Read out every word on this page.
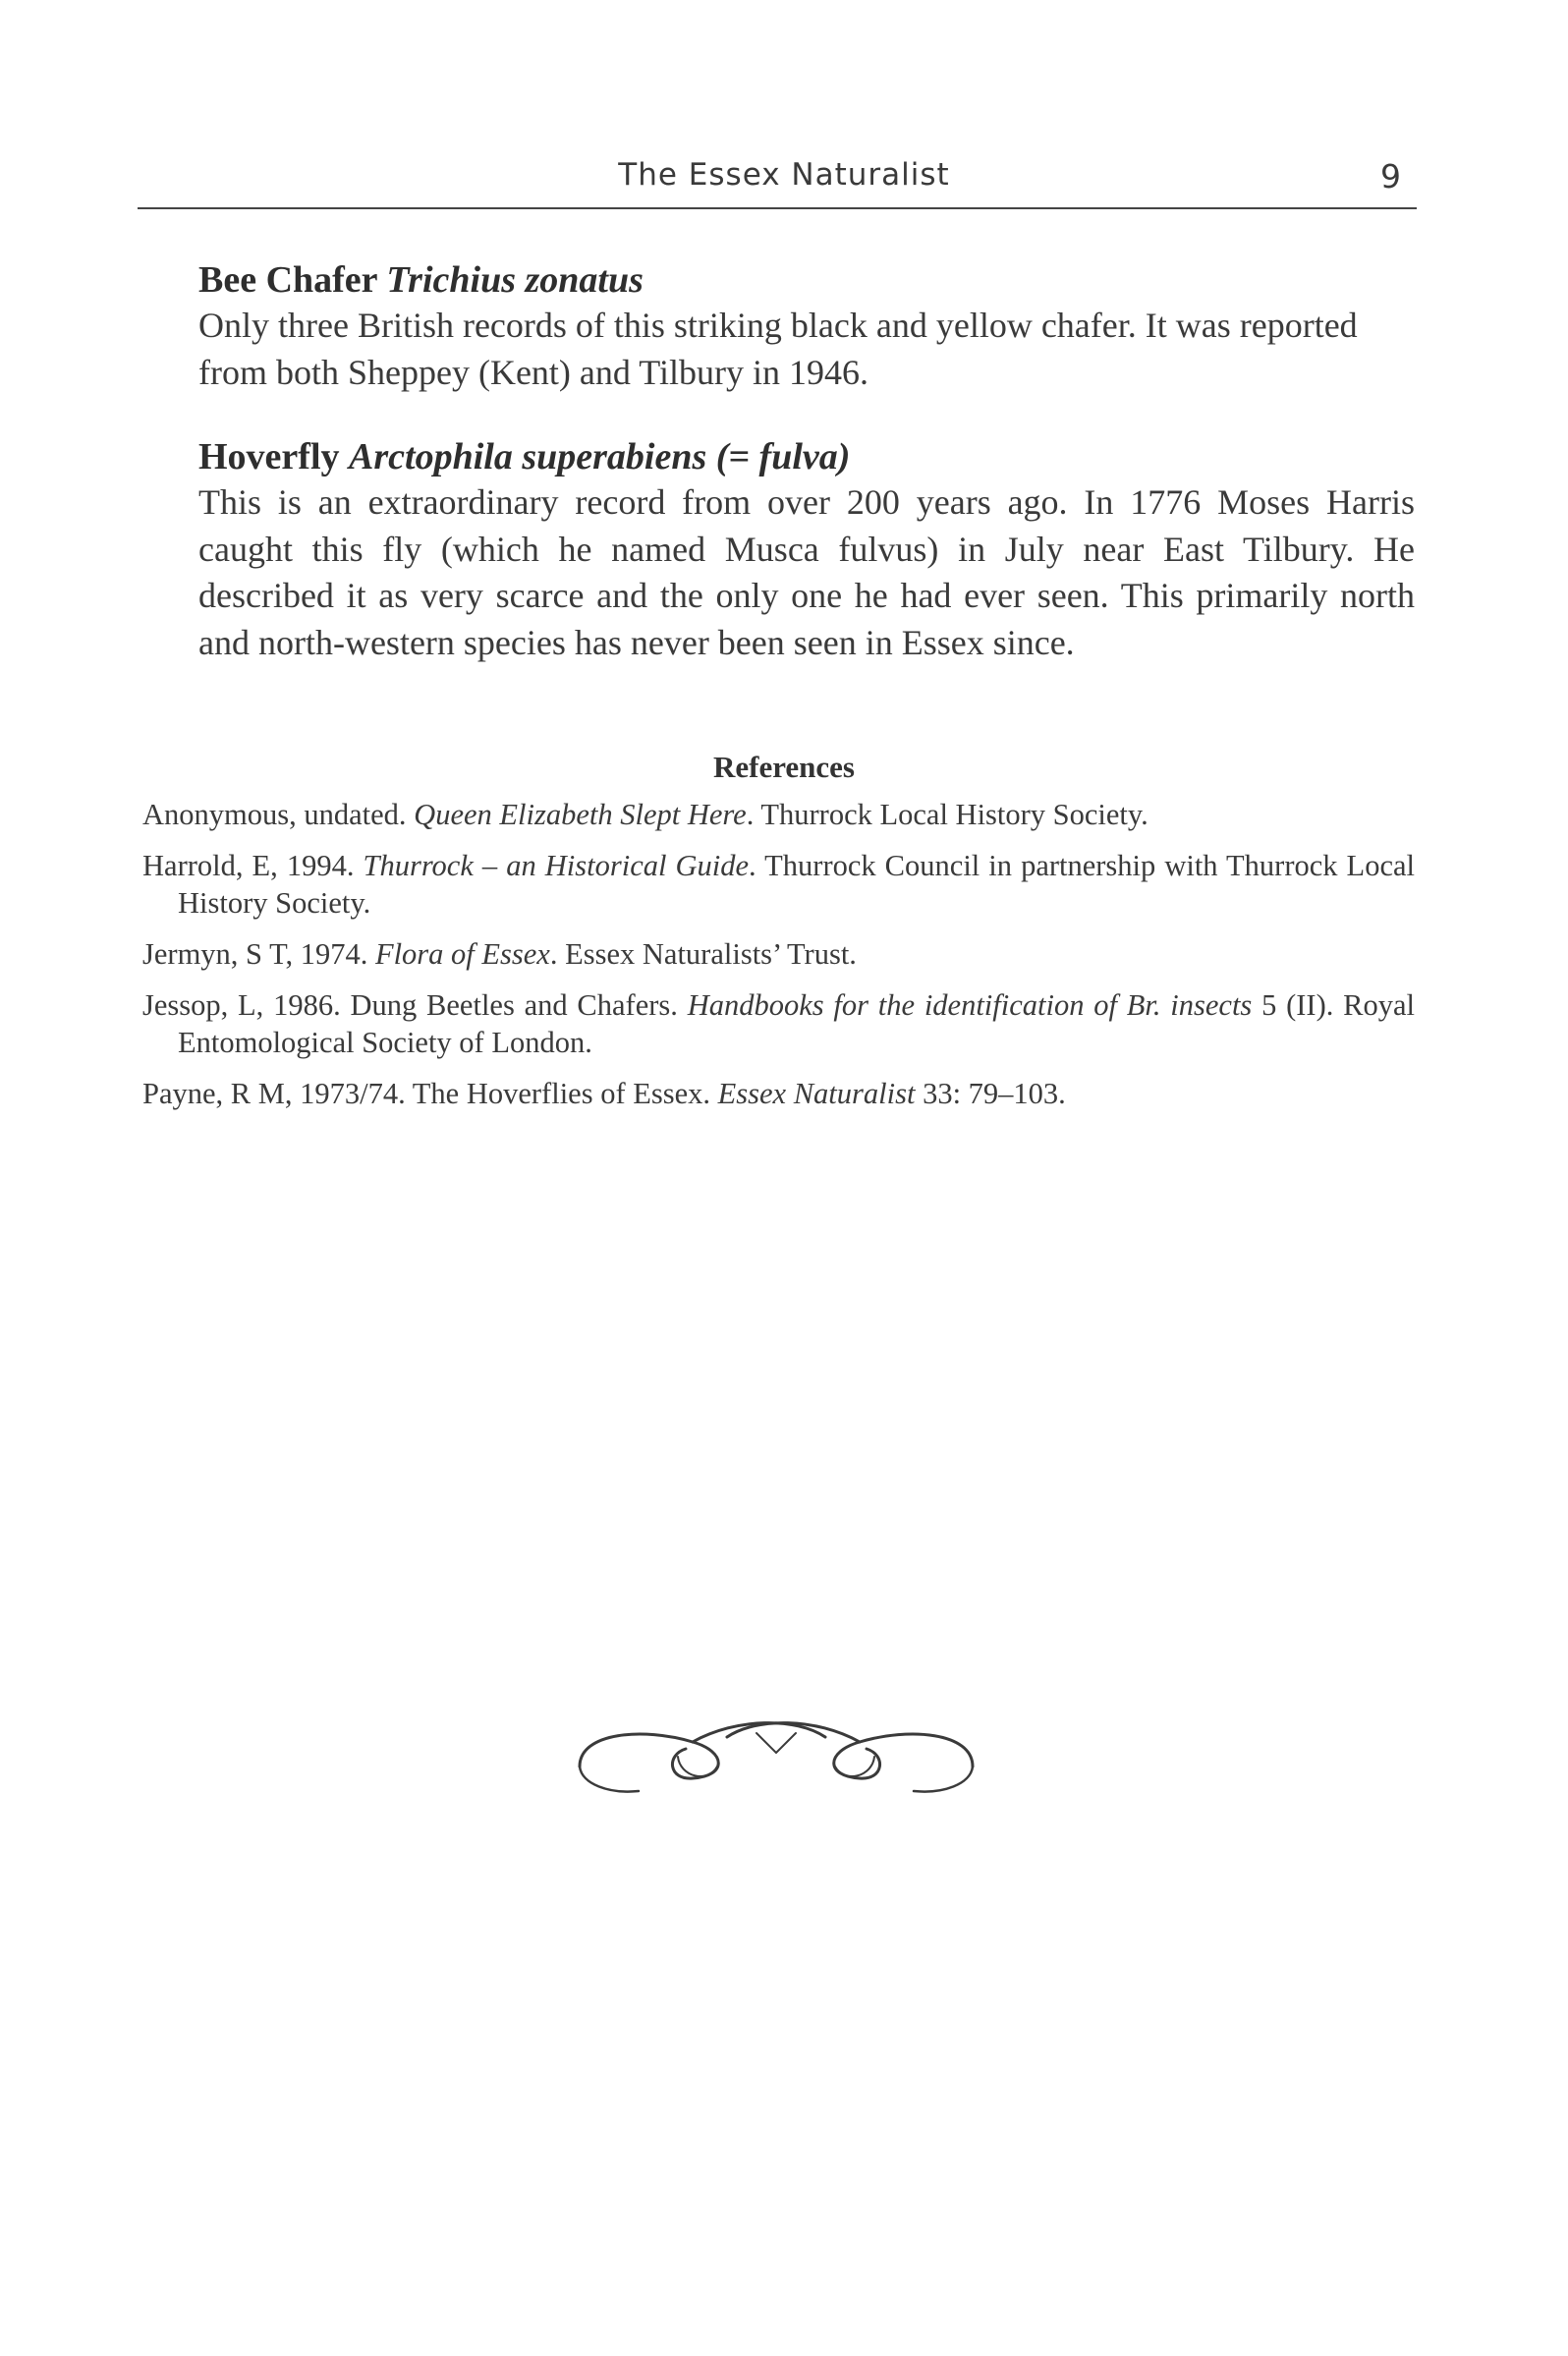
The Essex Naturalist	9
Bee Chafer Trichius zonatus
Only three British records of this striking black and yellow chafer. It was reported from both Sheppey (Kent) and Tilbury in 1946.
Hoverfly Arctophila superabiens (= fulva)
This is an extraordinary record from over 200 years ago. In 1776 Moses Harris caught this fly (which he named Musca fulvus) in July near East Tilbury. He described it as very scarce and the only one he had ever seen. This primarily north and north-western species has never been seen in Essex since.
References
Anonymous, undated. Queen Elizabeth Slept Here. Thurrock Local History Society.
Harrold, E, 1994. Thurrock – an Historical Guide. Thurrock Council in partnership with Thurrock Local History Society.
Jermyn, S T, 1974. Flora of Essex. Essex Naturalists’ Trust.
Jessop, L, 1986. Dung Beetles and Chafers. Handbooks for the identification of Br. insects 5 (II). Royal Entomological Society of London.
Payne, R M, 1973/74. The Hoverflies of Essex. Essex Naturalist 33: 79–103.
